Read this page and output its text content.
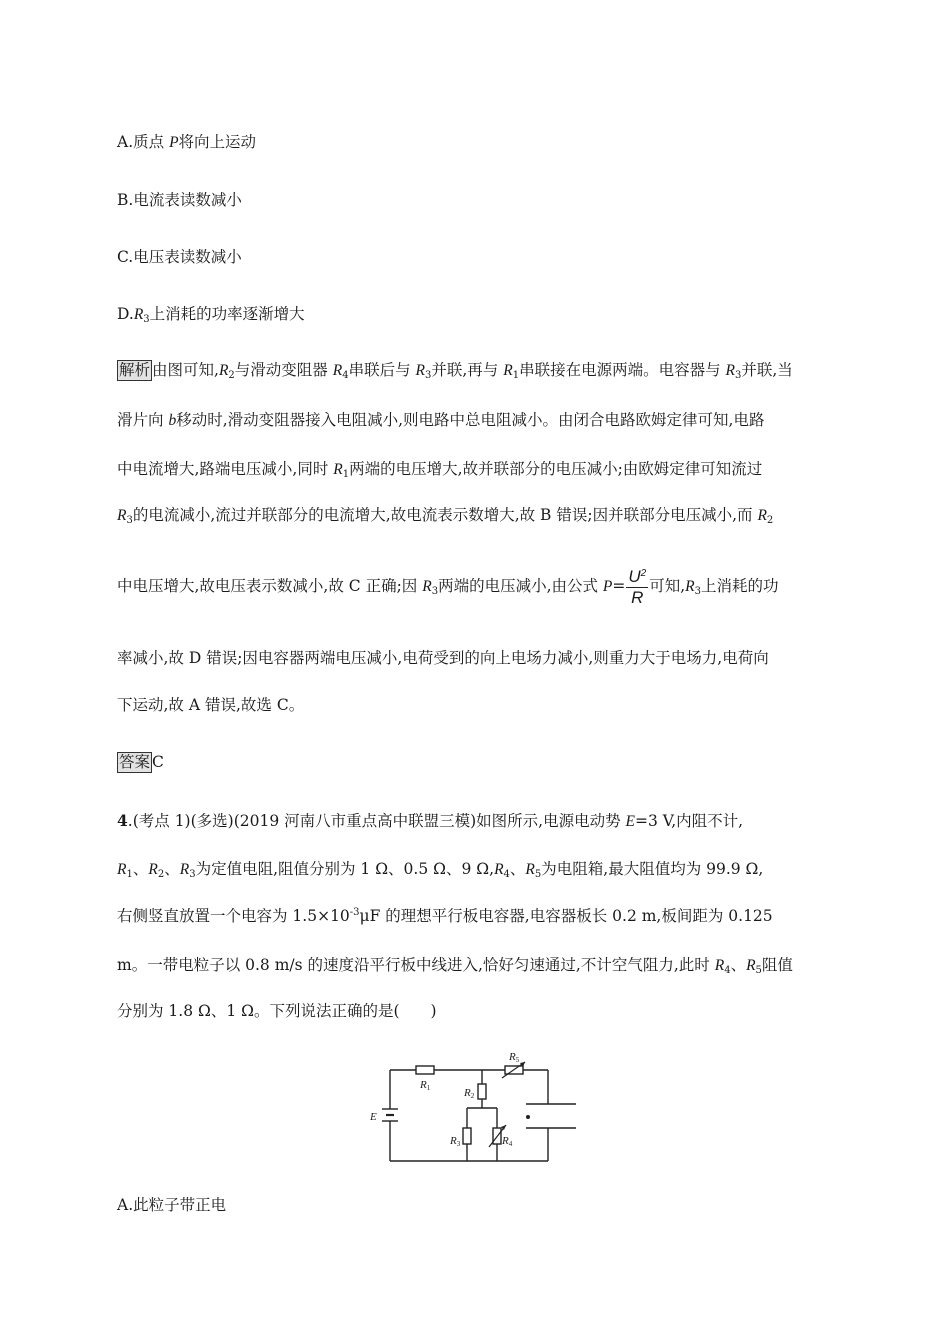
A.质点 P将向上运动
B.电流表读数减小
C.电压表读数减小
$D.R_3$上消耗的功率逐渐增大
解析 由图可知$,R_2$与滑动变阻器 $R_4$串联后与 $R_3$并联,再与 $R_1$串联接在电源两端。电容器与 $R_3$并联,当
滑片向 b移动时,滑动变阻器接入电阻减小,则电路中总电阻减小。由闭合电路欧姆定律可知,电路
中电流增大,路端电压减小,同时 $R_1$两端的电压增大,故并联部分的电压减小;由欧姆定律可知流过
$R_3$的电流减小,流过并联部分的电流增大,故电流表示数增大,故 B 错误;因并联部分电压减小,而 $R_2$
中电压增大,故电压表示数减小,故 C 正确;因 $R_3$两端的电压减小,由公式 $P= \frac{U^2}{R}$ 可知$,R_3$上消耗的功
率减小,故 D 错误;因电容器两端电压减小,电荷受到的向上电场力减小,则重力大于电场力,电荷向
下运动,故 A 错误,故选 C。
答案 C
4.(考点 1)(多选)(2019 河南八市重点高中联盟三模)如图所示,电源电动势 E=3 V,内阻不计,
$R_1$、$R_2$、$R_3$为定值电阻,阻值分别为 1 Ω、0.5 Ω、9 $\Omega,R_4$、$R_5$为电阻箱,最大阻值均为 99.9 Ω,
右侧竖直放置一个电容为 $1.5\times 10^{-3}\mu F$ 的理想平行板电容器,电容器板长 0.2 m,板间距为 0.125
m。一带电粒子以 0.8 m/s 的速度沿平行板中线进入,恰好匀速通过,不计空气阻力,此时 $R_4$、$R_5$阻值
分别为 1.8 Ω、1 Ω。下列说法正确的是(　　)
R1	R2
R3	R4
R5
E
A.此粒子带正电
